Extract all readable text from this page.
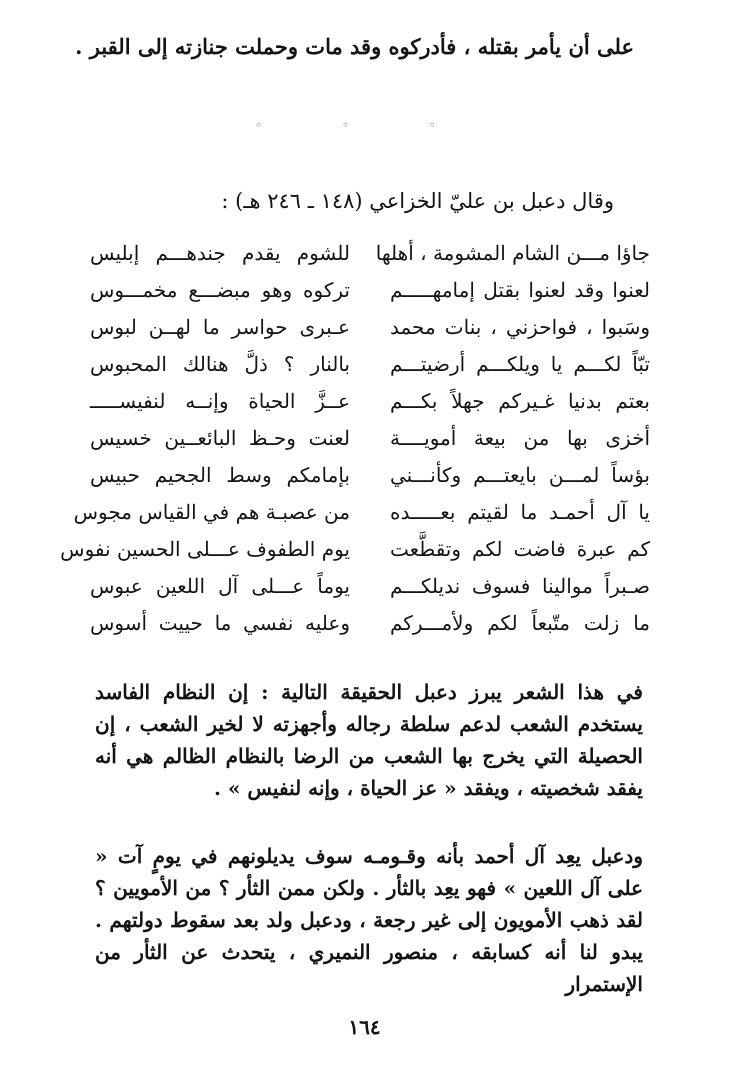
على أن يأمر بقتله ، فأدركوه وقد مات وحملت جنازته إلى القبر .
◦ ◦ ◦
وقال دعبل بن عليّ الخزاعي (١٤٨ ـ ٢٤٦ هـ) :
جاؤا مـــن الشام المشومة ، أهلها
للشوم يقدم جندهـــم إبليس
لعنوا وقد لعنوا بقتل إمامهـــــم
تركوه وهو مبضـــع مخمـــوس
وسَبوا ، فواحزني ، بنات محمد
عـبرى حواسر ما لهــن لبوس
تبّاً لكـــم يا ويلكـــم أرضيتـــم
بالنار ؟ ذلَّ هنالك المحبوس
بعتم بدنيا غـيركم جهلاً بكـــم
عــزَّ الحياة وإنــه لنفيســـــ
أخزى بها من بيعة أمويــــة
لعنت وحـظ البائعــين خسيس
بؤساً لمـــن بايعتـــم وكأنـــني
بإمامكم وسط الجحيم حبيس
يا آل أحمـد ما لقيتم بعـــــده
من عصبـة هم في القياس مجوس
كم عبرة فاضت لكم وتقطَّعت
يوم الطفوف عـــلى الحسين نفوس
صـبراً موالينا فسوف نديلكـــم
يوماً عـــلى آل اللعين عبوس
ما زلت متّبعاً لكم ولأمـــركم
وعليه نفسي ما حييت أسوس
في هذا الشعر يبرز دعبل الحقيقة التالية : إن النظام الفاسد يستخدم الشعب لدعم سلطة رجاله وأجهزته لا لخير الشعب ، إن الحصيلة التي يخرج بها الشعب من الرضا بالنظام الظالم هي أنه يفقد شخصيته ، ويفقد « عز الحياة ، وإنه لنفيس » .
ودعبل يعِد آل أحمد بأنه وقـومـه سوف يديلونهم في يومٍ آت « على آل اللعين » فهو يعِد بالثأر . ولكن ممن الثأر ؟ من الأمويين ؟ لقد ذهب الأمويون إلى غير رجعة ، ودعبل ولد بعد سقوط دولتهم . يبدو لنا أنه كسابقه ، منصور النميري ، يتحدث عن الثأر من الإستمرار
١٦٤
